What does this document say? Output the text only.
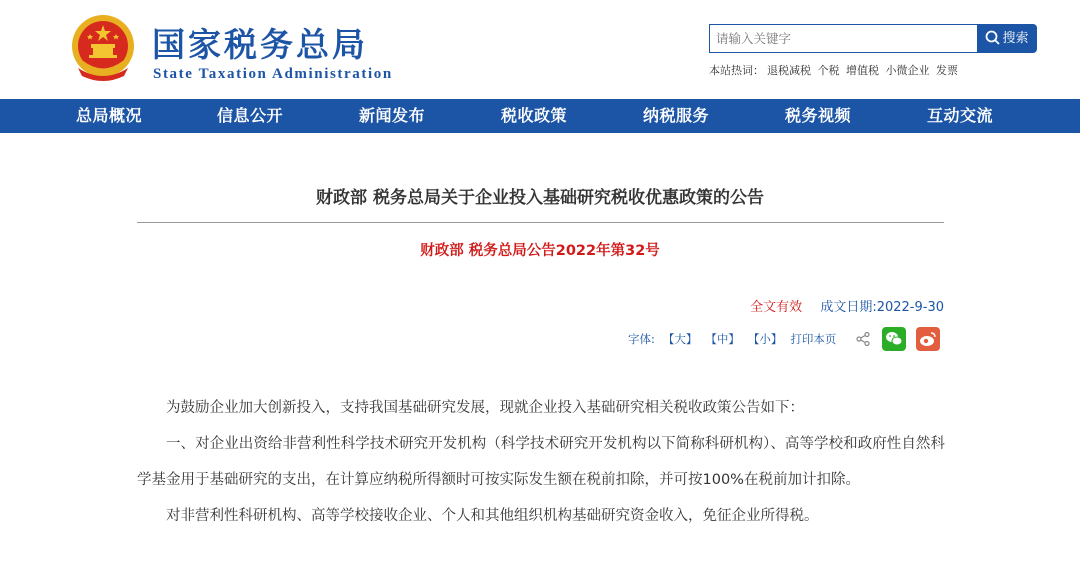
国家税务总局
State Taxation Administration
请输入关键字
搜索
本站热词： 退税减税 个税 增值税 小微企业 发票
总局概况	信息公开	新闻发布	税收政策	纳税服务	税务视频	互动交流
财政部 税务总局关于企业投入基础研究税收优惠政策的公告
财政部 税务总局公告2022年第32号
全文有效 成文日期:2022-9-30
字体: 【大】 【中】 【小】 打印本页

为鼓励企业加大创新投入，支持我国基础研究发展，现就企业投入基础研究相关税收政策公告如下：

一、对企业出资给非营利性科学技术研究开发机构（科学技术研究开发机构以下简称科研机构）、高等学校和政府性自然科学基金用于基础研究的支出，在计算应纳税所得额时可按实际发生额在税前扣除，并可按100%在税前加计扣除。

对非营利性科研机构、高等学校接收企业、个人和其他组织机构基础研究资金收入，免征企业所得税。
